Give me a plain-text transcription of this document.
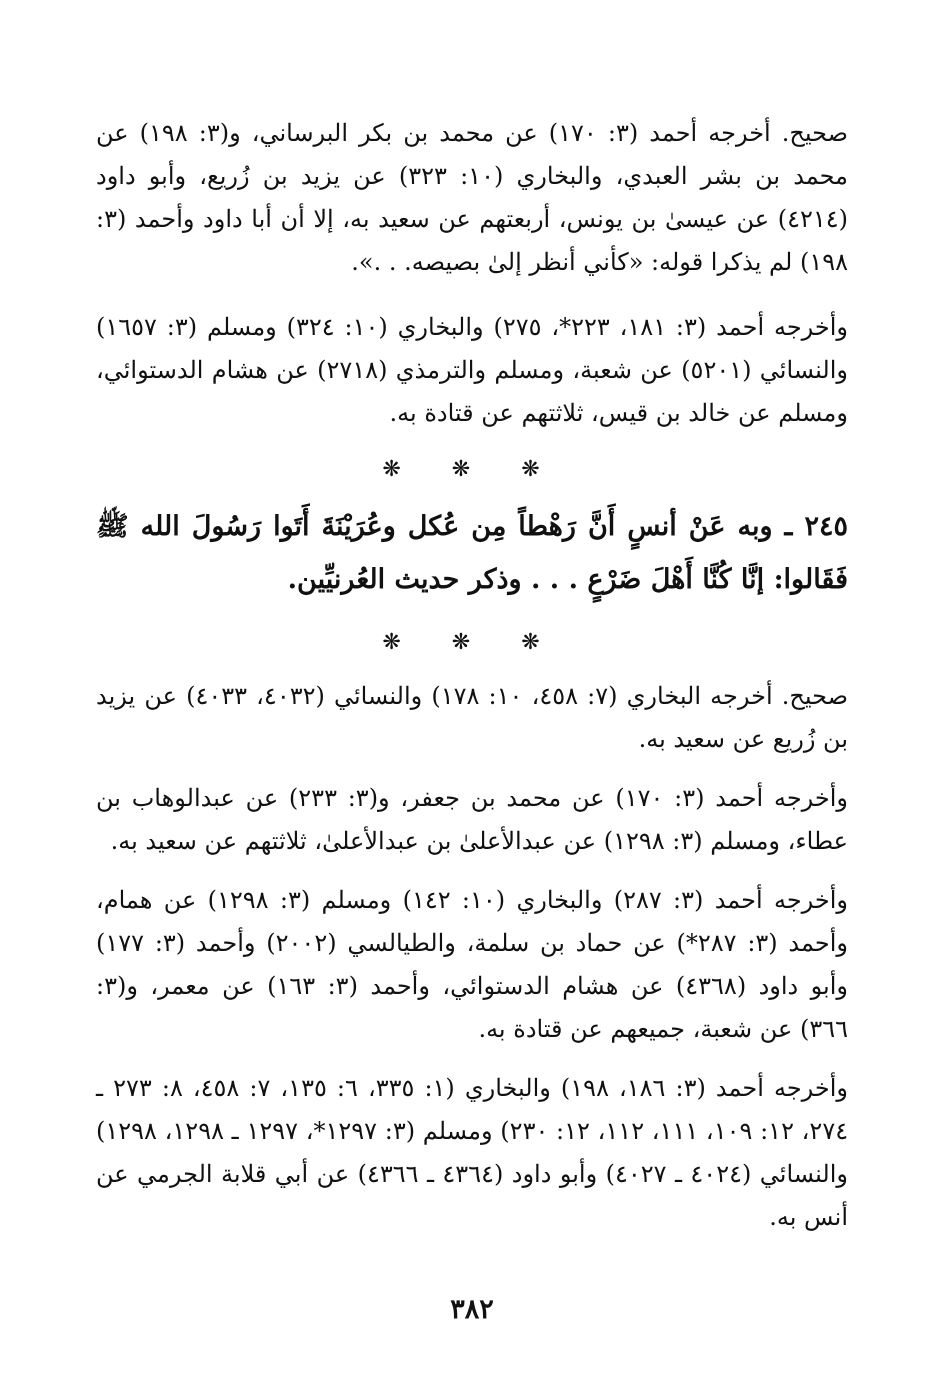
صحيح. أخرجه أحمد (٣: ١٧٠) عن محمد بن بكر البرساني، و(٣: ١٩٨) عن محمد بن بشر العبدي، والبخاري (١٠: ٣٢٣) عن يزيد بن زُريع، وأبو داود (٤٢١٤) عن عيسىٰ بن يونس، أربعتهم عن سعيد به، إلا أن أبا داود وأحمد (٣: ١٩٨) لم يذكرا قوله: «كأني أنظر إلىٰ بصيصه. . .».

وأخرجه أحمد (٣: ١٨١، ٢٢٣*، ٢٧٥) والبخاري (١٠: ٣٢٤) ومسلم (٣: ١٦٥٧) والنسائي (٥٢٠١) عن شعبة، ومسلم والترمذي (٢٧١٨) عن هشام الدستوائي، ومسلم عن خالد بن قيس، ثلاثتهم عن قتادة به.

❋ ❋ ❋

٢٤٥ ـ وبه عَنْ أنسٍ أَنَّ رَهْطاً مِن عُكل وعُرَيْنَةَ أَتَوا رَسُولَ الله ﷺ فَقَالوا: إنَّا كُنَّا أَهْلَ ضَرْعٍ . . . وذكر حديث العُرنيِّين.

❋ ❋ ❋

صحيح. أخرجه البخاري (٧: ٤٥٨، ١٠: ١٧٨) والنسائي (٤٠٣٢، ٤٠٣٣) عن يزيد بن زُريع عن سعيد به.

وأخرجه أحمد (٣: ١٧٠) عن محمد بن جعفر، و(٣: ٢٣٣) عن عبدالوهاب بن عطاء، ومسلم (٣: ١٢٩٨) عن عبدالأعلىٰ بن عبدالأعلىٰ، ثلاثتهم عن سعيد به.

وأخرجه أحمد (٣: ٢٨٧) والبخاري (١٠: ١٤٢) ومسلم (٣: ١٢٩٨) عن همام، وأحمد (٣: ٢٨٧*) عن حماد بن سلمة، والطيالسي (٢٠٠٢) وأحمد (٣: ١٧٧) وأبو داود (٤٣٦٨) عن هشام الدستوائي، وأحمد (٣: ١٦٣) عن معمر، و(٣: ٣٦٦) عن شعبة، جميعهم عن قتادة به.

وأخرجه أحمد (٣: ١٨٦، ١٩٨) والبخاري (١: ٣٣٥، ٦: ١٣٥، ٧: ٤٥٨، ٨: ٢٧٣ ـ ٢٧٤، ١٢: ١٠٩، ١١١، ١١٢، ١٢: ٢٣٠) ومسلم (٣: ١٢٩٧*، ١٢٩٧ ـ ١٢٩٨، ١٢٩٨) والنسائي (٤٠٢٤ ـ ٤٠٢٧) وأبو داود (٤٣٦٤ ـ ٤٣٦٦) عن أبي قلابة الجرمي عن أنس به.

٣٨٢
